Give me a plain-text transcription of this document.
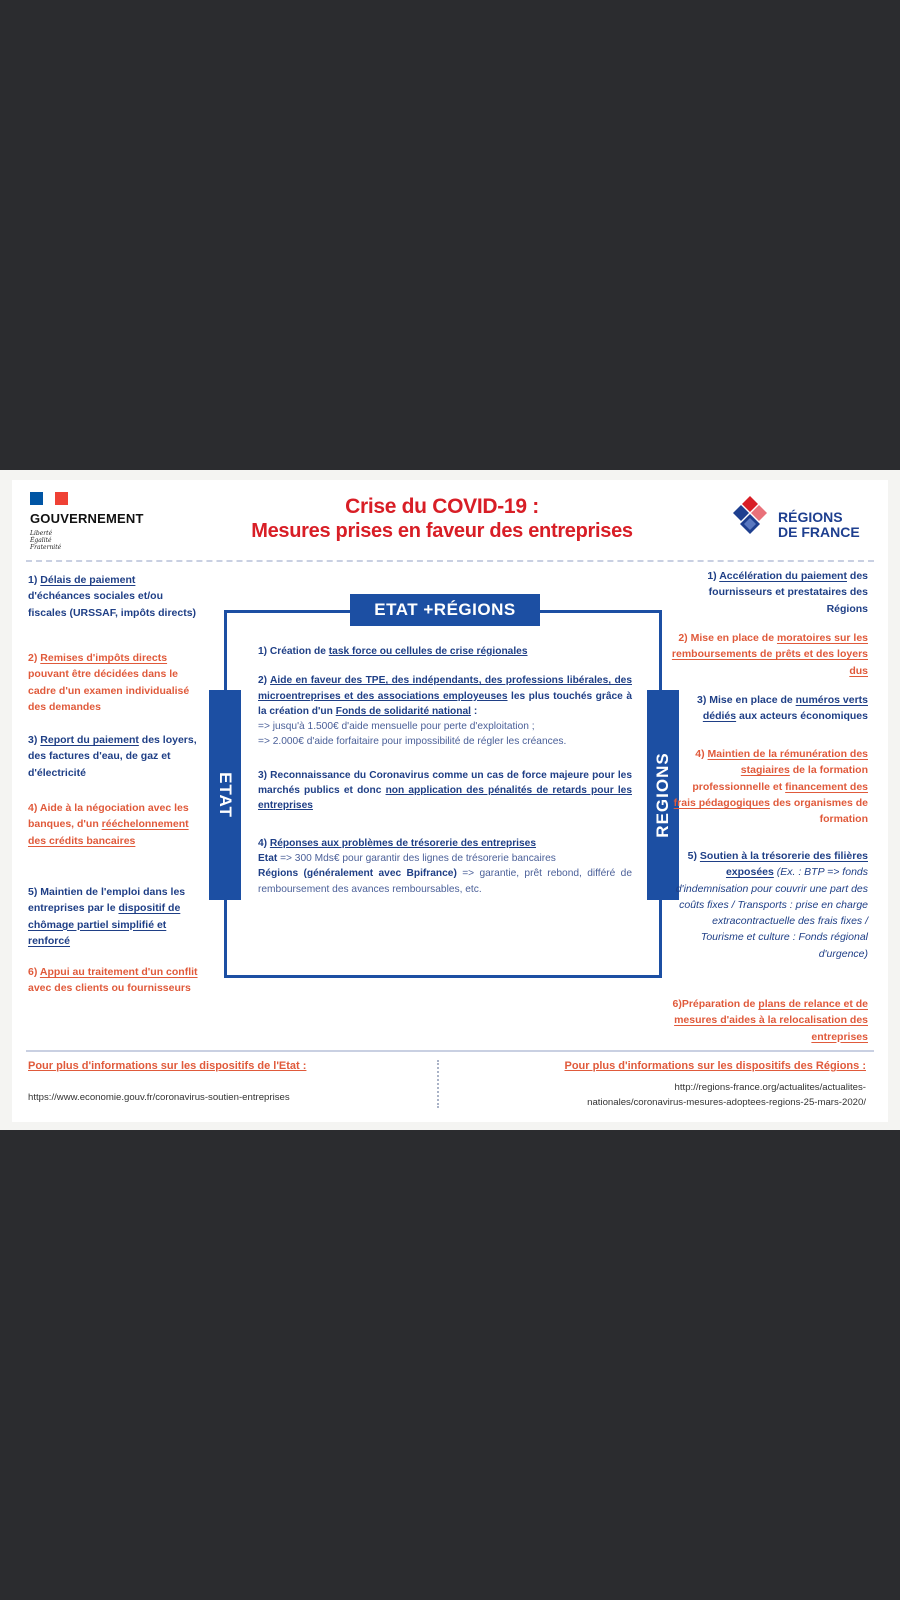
GOUVERNEMENT
Liberté
Égalité
Fraternité
Crise du COVID-19 :
Mesures prises en faveur des entreprises
RÉGIONS
DE FRANCE
1) Délais de paiement d'échéances sociales et/ou fiscales (URSSAF, impôts directs)
2) Remises d'impôts directs pouvant être décidées dans le cadre d'un examen individualisé des demandes
3) Report du paiement des loyers, des factures d'eau, de gaz et d'électricité
4) Aide à la négociation avec les banques, d'un rééchelonnement des crédits bancaires
5) Maintien de l'emploi dans les entreprises par le dispositif de chômage partiel simplifié et renforcé
6) Appui au traitement d'un conflit avec des clients ou fournisseurs
ETAT +RÉGIONS
ETAT	REGIONS

1) Création de task force ou cellules de crise régionales

2) Aide en faveur des TPE, des indépendants, des professions libérales, des microentreprises et des associations employeuses les plus touchés grâce à la création d'un Fonds de solidarité national :

=> jusqu'à 1.500€ d'aide mensuelle pour perte d'exploitation ;

=> 2.000€ d'aide forfaitaire pour impossibilité de régler les créances.

3) Reconnaissance du Coronavirus comme un cas de force majeure pour les marchés publics et donc non application des pénalités de retards pour les entreprises

4) Réponses aux problèmes de trésorerie des entreprises

Etat => 300 Mds€ pour garantir des lignes de trésorerie bancaires

Régions (généralement avec Bpifrance) => garantie, prêt rebond, différé de remboursement des avances remboursables, etc.

1) Accélération du paiement des fournisseurs et prestataires des Régions
2) Mise en place de moratoires sur les remboursements de prêts et des loyers dus
3) Mise en place de numéros verts dédiés aux acteurs économiques
4) Maintien de la rémunération des stagiaires de la formation professionnelle et financement des frais pédagogiques des organismes de formation
5) Soutien à la trésorerie des filières exposées (Ex. : BTP => fonds d'indemnisation pour couvrir une part des coûts fixes / Transports : prise en charge extracontractuelle des frais fixes / Tourisme et culture : Fonds régional d'urgence)
6)Préparation de plans de relance et de mesures d'aides à la relocalisation des entreprises
Pour plus d'informations sur les dispositifs de l'Etat :
https://www.economie.gouv.fr/coronavirus-soutien-entreprises
Pour plus d'informations sur les dispositifs des Régions :
http://regions-france.org/actualites/actualites-
nationales/coronavirus-mesures-adoptees-regions-25-mars-2020/
